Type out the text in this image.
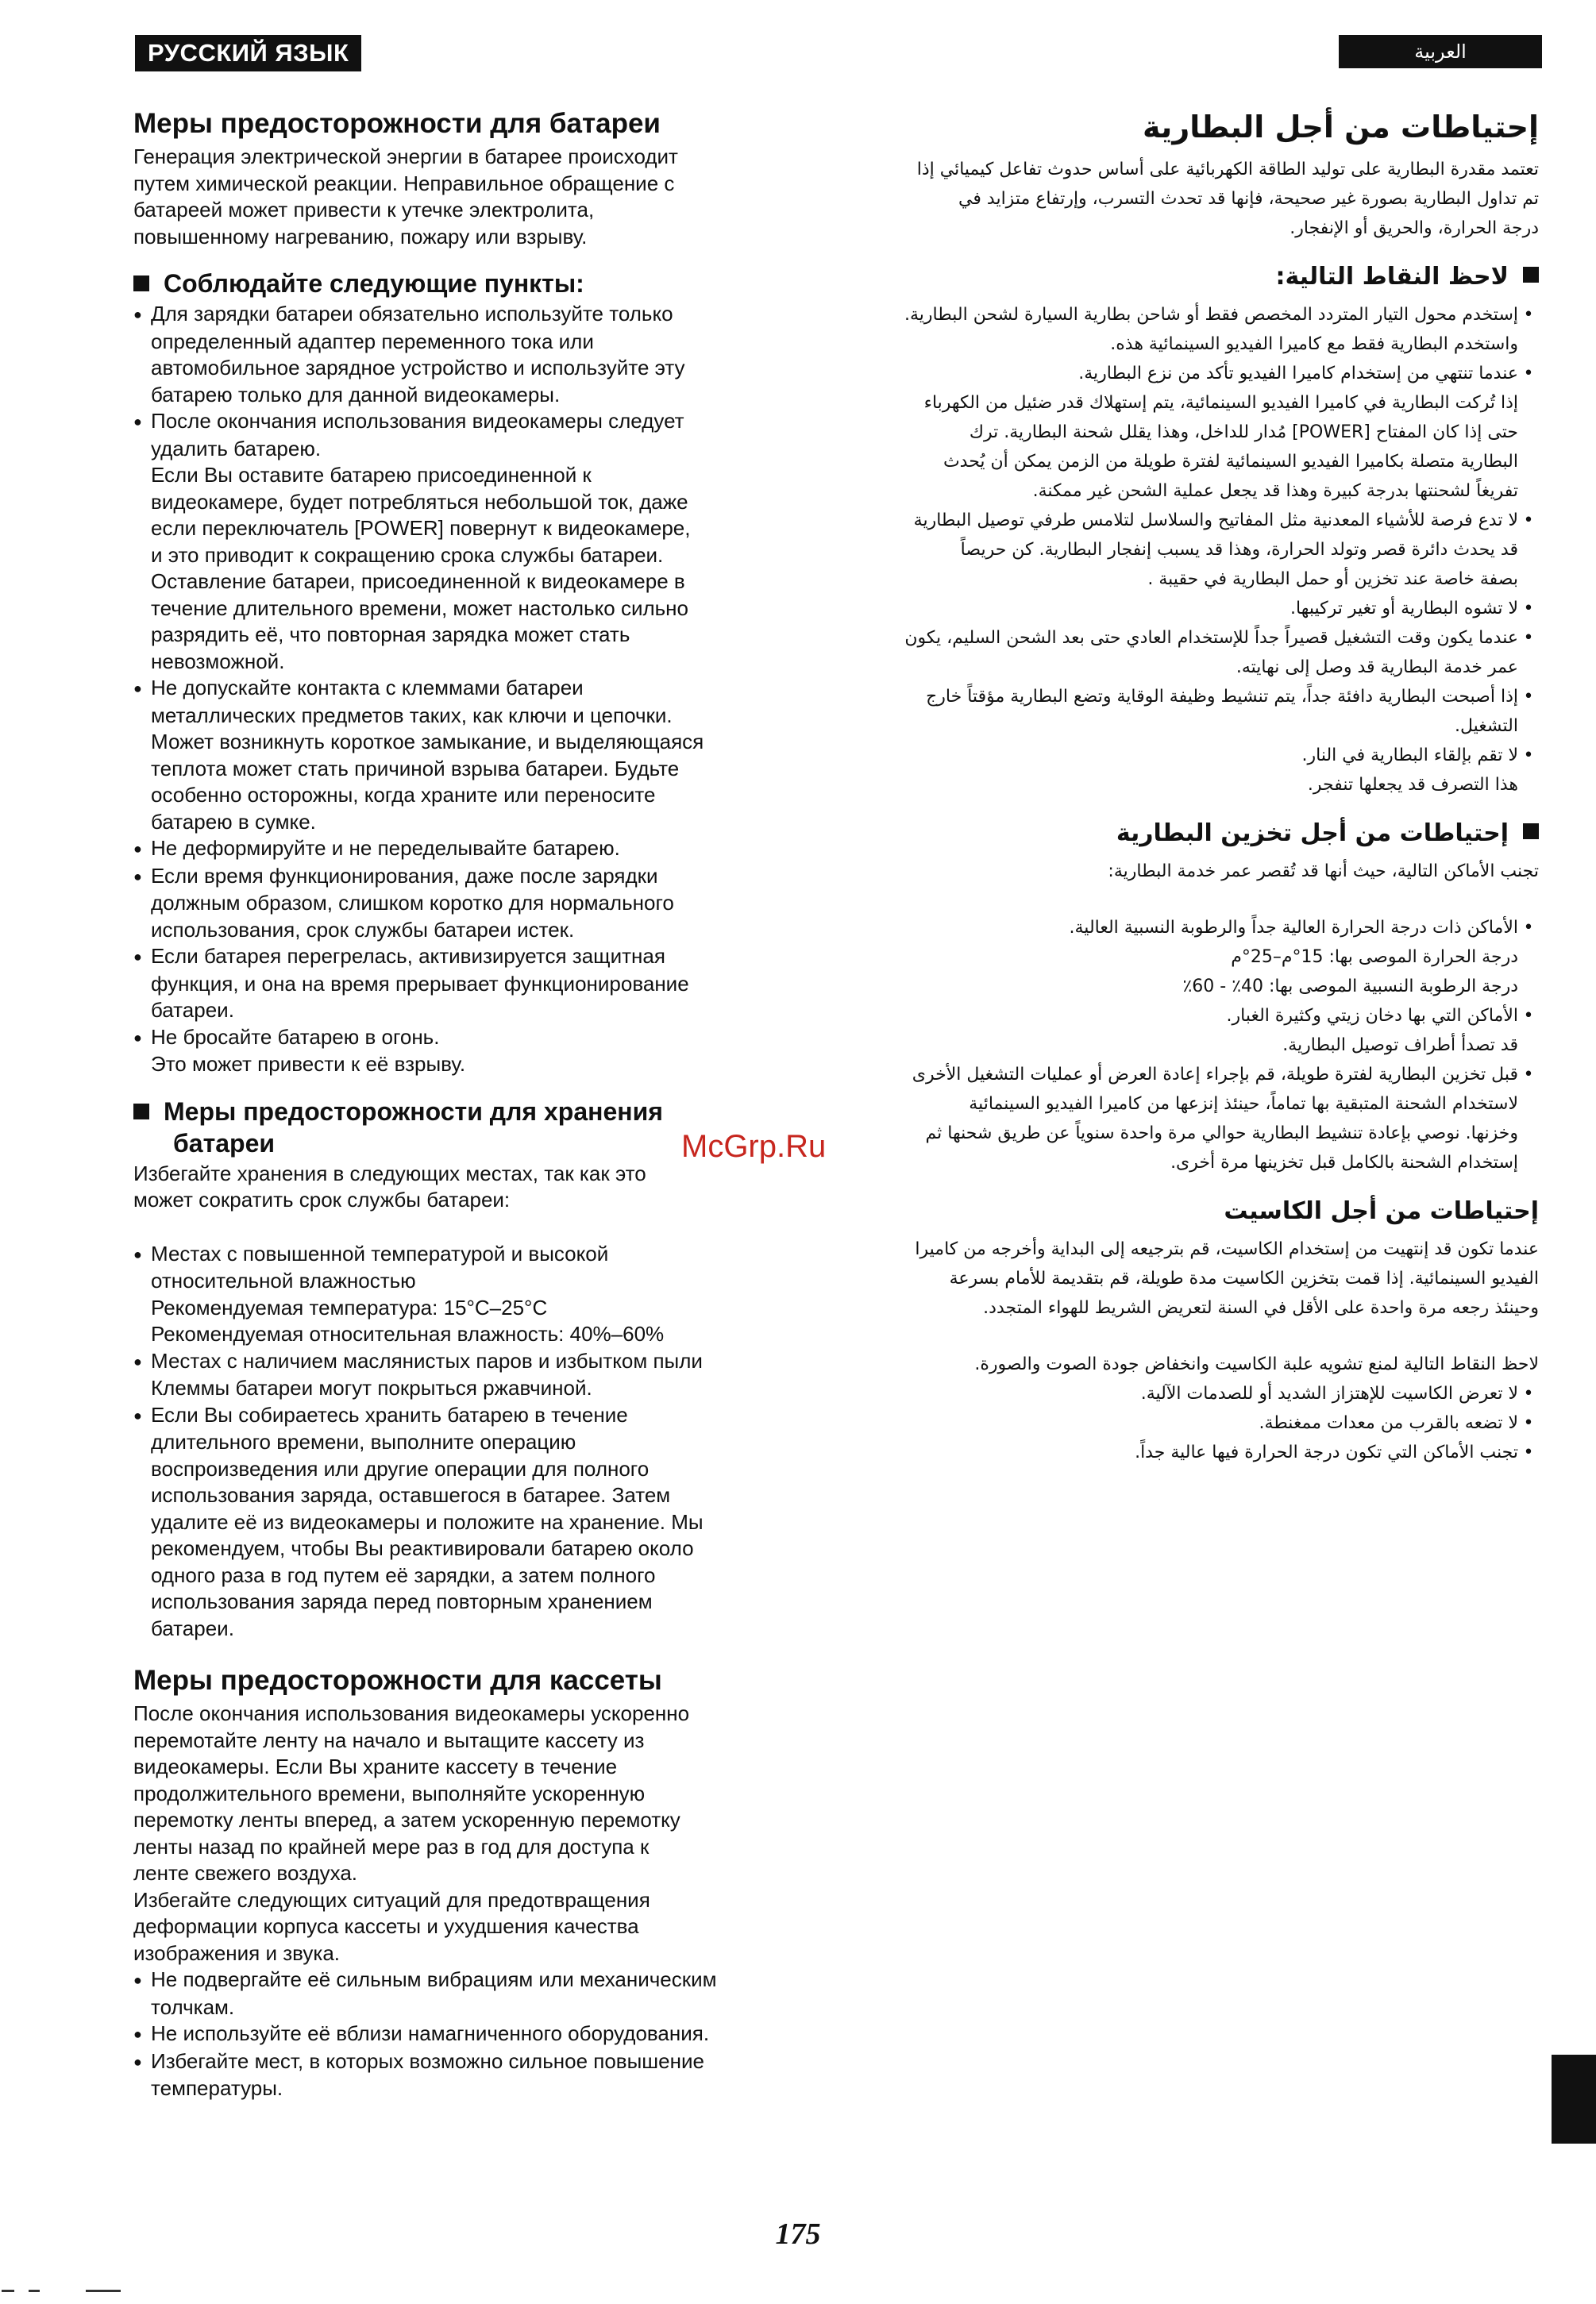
РУССКИЙ ЯЗЫК	العربية
Меры предосторожности для батареи

Генерация электрической энергии в батарее происходит
путем химической реакции. Неправильное обращение с
батареей может привести к утечке электролита,
повышенному нагреванию, пожару или взрыву.

Соблюдайте следующие пункты:

● Для зарядки батареи обязательно используйте только
определенный адаптер переменного тока или
автомобильное зарядное устройство и используйте эту
батарею только для данной видеокамеры.

● После окончания использования видеокамеры следует
удалить батарею.
Если Вы оставите батарею присоединенной к
видеокамере, будет потребляться небольшой ток, даже
если переключатель [POWER] повернут к видеокамере,
и это приводит к сокращению срока службы батареи.
Оставление батареи, присоединенной к видеокамере в
течение длительного времени, может настолько сильно
разрядить её, что повторная зарядка может стать
невозможной.

● Не допускайте контакта с клеммами батареи
металлических предметов таких, как ключи и цепочки.
Может возникнуть короткое замыкание, и выделяющаяся
теплота может стать причиной взрыва батареи. Будьте
особенно осторожны, когда храните или переносите
батарею в сумке.

● Не деформируйте и не переделывайте батарею.

● Если время функционирования, даже после зарядки
должным образом, слишком коротко для нормального
использования, срок службы батареи истек.

● Если батарея перегрелась, активизируется защитная
функция, и она на время прерывает функционирование
батареи.

● Не бросайте батарею в огонь.
Это может привести к её взрыву.

Меры предосторожности для хранения
батареи

Избегайте хранения в следующих местах, так как это
может сократить срок службы батареи:

● Местах с повышенной температурой и высокой
относительной влажностью
Рекомендуемая температура: 15°C–25°C
Рекомендуемая относительная влажность: 40%–60%

● Местах с наличием маслянистых паров и избытком пыли
Клеммы батареи могут покрыться ржавчиной.

● Если Вы собираетесь хранить батарею в течение
длительного времени, выполните операцию
воспроизведения или другие операции для полного
использования заряда, оставшегося в батарее. Затем
удалите её из видеокамеры и положите на хранение. Мы
рекомендуем, чтобы Вы реактивировали батарею около
одного раза в год путем её зарядки, а затем полного
использования заряда перед повторным хранением
батареи.

Меры предосторожности для кассеты

После окончания использования видеокамеры ускоренно
перемотайте ленту на начало и вытащите кассету из
видеокамеры. Если Вы храните кассету в течение
продолжительного времени, выполняйте ускоренную
перемотку ленты вперед, а затем ускоренную перемотку
ленты назад по крайней мере раз в год для доступа к
ленте свежего воздуха.

Избегайте следующих ситуаций для предотвращения
деформации корпуса кассеты и ухудшения качества
изображения и звука.

● Не подвергайте её сильным вибрациям или механическим
толчкам.

● Не используйте её вблизи намагниченного оборудования.

● Избегайте мест, в которых возможно сильное повышение
температуры.

إحتياطات من أجل البطارية

تعتمد مقدرة البطارية على توليد الطاقة الكهربائية على أساس حدوث تفاعل كيميائي إذا
تم تداول البطارية بصورة غير صحيحة، فإنها قد تحدث التسرب، وإرتفاع متزايد في
درجة الحرارة، والحريق أو الإنفجار.

لاحظ النقاط التالية:

• إستخدم محول التيار المتردد المخصص فقط أو شاحن بطارية السيارة لشحن البطارية.
واستخدم البطارية فقط مع كاميرا الفيديو السينمائية هذه.

• عندما تنتهي من إستخدام كاميرا الفيديو تأكد من نزع البطارية.
إذا تُركت البطارية في كاميرا الفيديو السينمائية، يتم إستهلاك قدر ضئيل من الكهرباء
حتى إذا كان المفتاح [POWER] مُدار للداخل، وهذا يقلل شحنة البطارية. ترك
البطارية متصلة بكاميرا الفيديو السينمائية لفترة طويلة من الزمن يمكن أن يُحدث
تفريغاً لشحنتها بدرجة كبيرة وهذا قد يجعل عملية الشحن غير ممكنة.

• لا تدع فرصة للأشياء المعدنية مثل المفاتيح والسلاسل لتلامس طرفي توصيل البطارية
قد يحدث دائرة قصر وتولد الحرارة، وهذا قد يسبب إنفجار البطارية. كن حريصاً
بصفة خاصة عند تخزين أو حمل البطارية في حقيبة .

• لا تشوه البطارية أو تغير تركيبها.

• عندما يكون وقت التشغيل قصيراً جداً للإستخدام العادي حتى بعد الشحن السليم، يكون
عمر خدمة البطارية قد وصل إلى نهايته.

• إذا أصبحت البطارية دافئة جداً، يتم تنشيط وظيفة الوقاية وتضع البطارية مؤقتاً خارج
التشغيل.

• لا تقم بإلقاء البطارية في النار.
هذا التصرف قد يجعلها تنفجر.

إحتياطات من أجل تخزين البطارية

تجنب الأماكن التالية، حيث أنها قد تُقصر عمر خدمة البطارية:

• الأماكن ذات درجة الحرارة العالية جداً والرطوبة النسبية العالية.
درجة الحرارة الموصى بها: 15°م–25°م
درجة الرطوبة النسبية الموصى بها: 40٪ - 60٪

• الأماكن التي بها دخان زيتي وكثيرة الغبار.
قد تصدأ أطراف توصيل البطارية.

• قبل تخزين البطارية لفترة طويلة، قم بإجراء إعادة العرض أو عمليات التشغيل الأخرى
لاستخدام الشحنة المتبقية بها تماماً، حينئذ إنزعها من كاميرا الفيديو السينمائية
وخزنها. نوصي بإعادة تنشيط البطارية حوالي مرة واحدة سنوياً عن طريق شحنها ثم
إستخدام الشحنة بالكامل قبل تخزينها مرة أخرى.

إحتياطات من أجل الكاسيت

عندما تكون قد إنتهيت من إستخدام الكاسيت، قم بترجيعه إلى البداية وأخرجه من كاميرا
الفيديو السينمائية. إذا قمت بتخزين الكاسيت مدة طويلة، قم بتقديمة للأمام بسرعة
وحينئذ رجعه مرة واحدة على الأقل في السنة لتعريض الشريط للهواء المتجدد.

لاحظ النقاط التالية لمنع تشويه علبة الكاسيت وانخفاض جودة الصوت والصورة.

• لا تعرض الكاسيت للإهتزاز الشديد أو للصدمات الآلية.

• لا تضعه بالقرب من معدات ممغنطة.

• تجنب الأماكن التي تكون درجة الحرارة فيها عالية جداً.

McGrp.Ru
175
